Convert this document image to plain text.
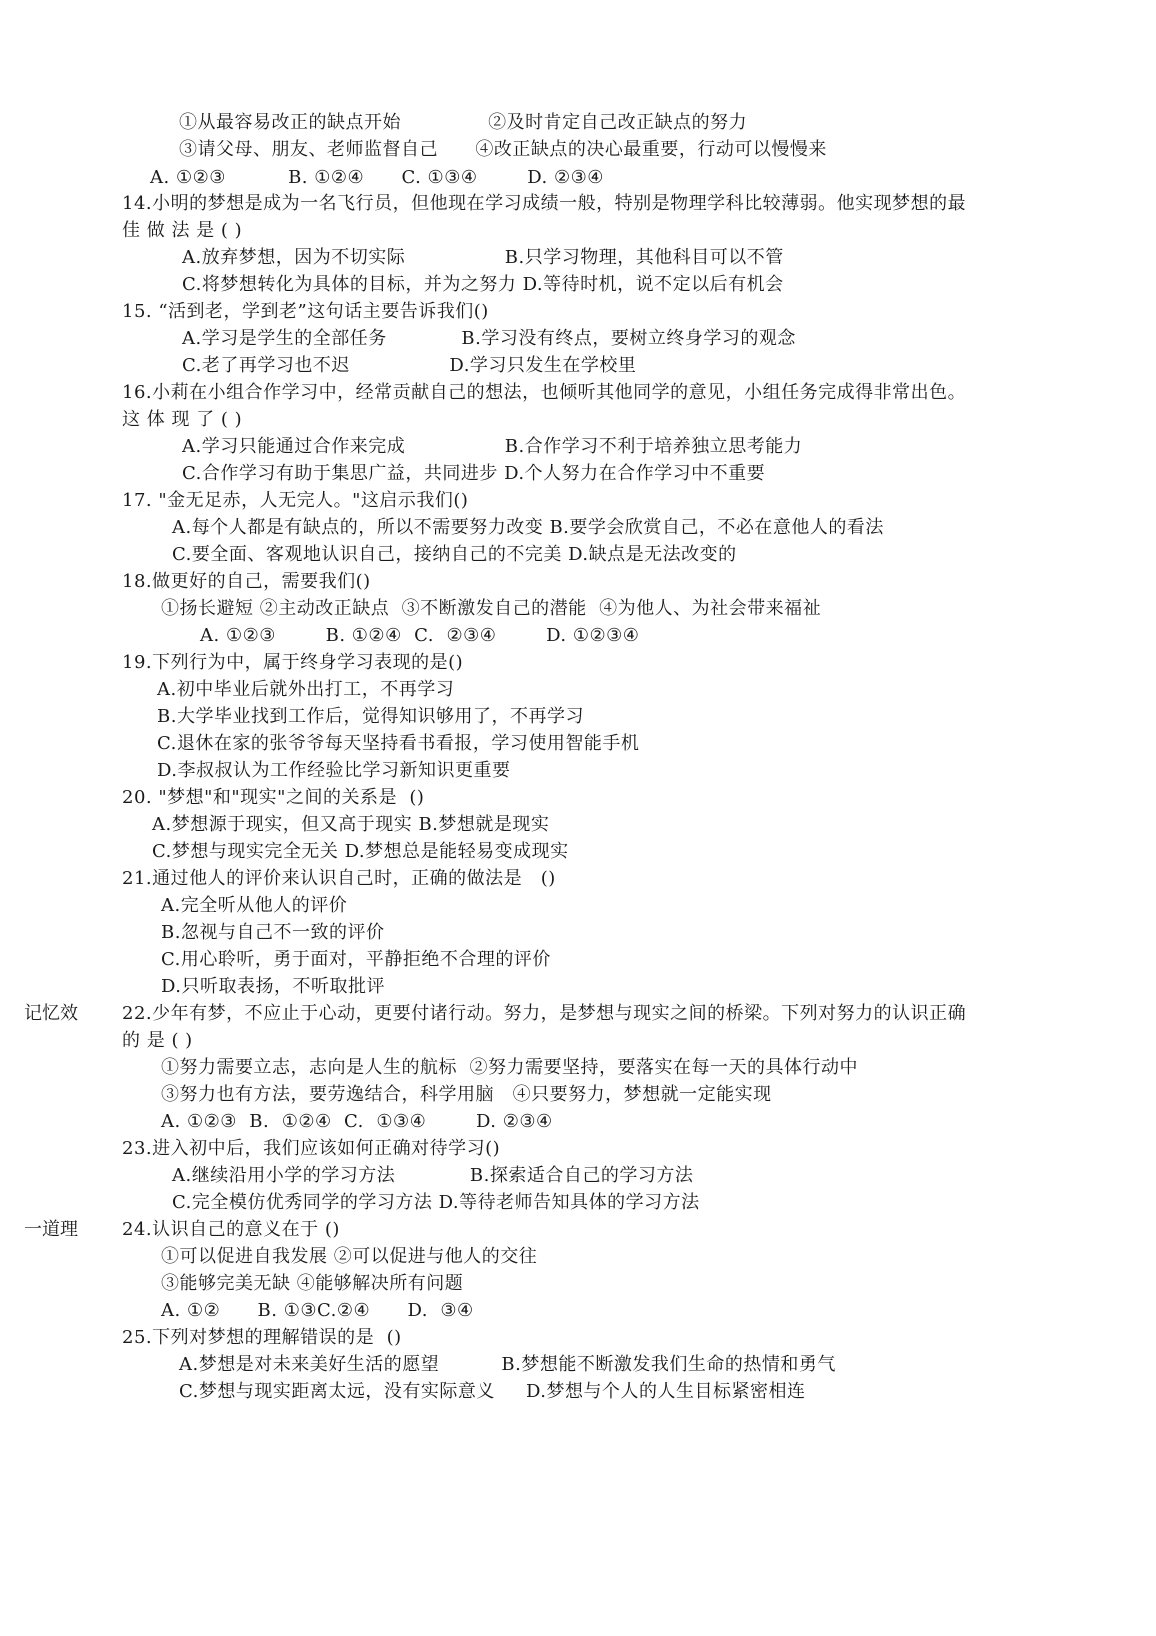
记忆效
一道理
①从最容易改正的缺点开始              ②及时肯定自己改正缺点的努力
③请父母、朋友、老师监督自己      ④改正缺点的决心最重要，行动可以慢慢来
A. ①②③          B. ①②④      C. ①③④        D. ②③④
14.小明的梦想是成为一名飞行员，但他现在学习成绩一般，特别是物理学科比较薄弱。他实现梦想的最
佳 做 法 是 ( )
A.放弃梦想，因为不切实际                B.只学习物理，其他科目可以不管
C.将梦想转化为具体的目标，并为之努力 D.等待时机，说不定以后有机会
15. “活到老，学到老”这句话主要告诉我们()
A.学习是学生的全部任务            B.学习没有终点，要树立终身学习的观念
C.老了再学习也不迟                D.学习只发生在学校里
16.小莉在小组合作学习中，经常贡献自己的想法，也倾听其他同学的意见，小组任务完成得非常出色。
这 体 现 了 ( )
A.学习只能通过合作来完成                B.合作学习不利于培养独立思考能力
C.合作学习有助于集思广益，共同进步 D.个人努力在合作学习中不重要
17. "金无足赤，人无完人。"这启示我们()
A.每个人都是有缺点的，所以不需要努力改变 B.要学会欣赏自己，不必在意他人的看法
C.要全面、客观地认识自己，接纳自己的不完美 D.缺点是无法改变的
18.做更好的自己，需要我们()
①扬长避短 ②主动改正缺点  ③不断激发自己的潜能  ④为他人、为社会带来福祉
A. ①②③        B. ①②④  C.  ②③④        D. ①②③④
19.下列行为中，属于终身学习表现的是()
A.初中毕业后就外出打工，不再学习
B.大学毕业找到工作后，觉得知识够用了，不再学习
C.退休在家的张爷爷每天坚持看书看报，学习使用智能手机
D.李叔叔认为工作经验比学习新知识更重要
20. "梦想"和"现实"之间的关系是  ()
A.梦想源于现实，但又高于现实 B.梦想就是现实
C.梦想与现实完全无关 D.梦想总是能轻易变成现实
21.通过他人的评价来认识自己时，正确的做法是   ()
A.完全听从他人的评价
B.忽视与自己不一致的评价
C.用心聆听，勇于面对，平静拒绝不合理的评价
D.只听取表扬，不听取批评
22.少年有梦，不应止于心动，更要付诸行动。努力，是梦想与现实之间的桥梁。下列对努力的认识正确
的 是 ( )
①努力需要立志，志向是人生的航标  ②努力需要坚持，要落实在每一天的具体行动中
③努力也有方法，要劳逸结合，科学用脑   ④只要努力，梦想就一定能实现
A. ①②③  B.  ①②④  C.  ①③④        D. ②③④
23.进入初中后，我们应该如何正确对待学习()
A.继续沿用小学的学习方法            B.探索适合自己的学习方法
C.完全模仿优秀同学的学习方法 D.等待老师告知具体的学习方法
24.认识自己的意义在于 ()
①可以促进自我发展 ②可以促进与他人的交往
③能够完美无缺 ④能够解决所有问题
A. ①②      B. ①③C.②④      D.  ③④
25.下列对梦想的理解错误的是  ()
A.梦想是对未来美好生活的愿望          B.梦想能不断激发我们生命的热情和勇气
C.梦想与现实距离太远，没有实际意义     D.梦想与个人的人生目标紧密相连
